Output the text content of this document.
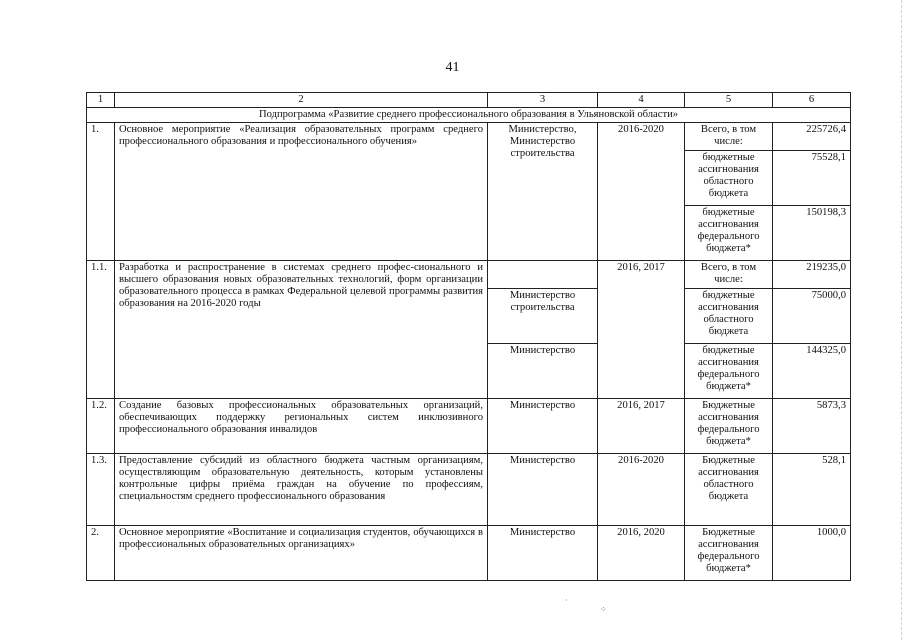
41
1	2	3	4	5	6
Подпрограмма «Развитие среднего профессионального образования в Ульяновской области»					
1.	Основное мероприятие «Реализация образовательных программ среднего профессионального образования и профессионального обучения»	Министерство, Министерство строительства	2016-2020	Всего, в том числе:	225726,4
				бюджетные ассигнования областного бюджета	75528,1
				бюджетные ассигнования федерального бюджета*	150198,3
1.1.	Разработка и распространение в системах среднего профес-сионального и высшего образования новых образовательных технологий, форм организации образовательного процесса в рамках Федеральной целевой программы развития образования на 2016-2020 годы		2016, 2017	Всего, в том числе:	219235,0
		Министерство строительства		бюджетные ассигнования областного бюджета	75000,0
		Министерство		бюджетные ассигнования федерального бюджета*	144325,0
1.2.	Создание базовых профессиональных образовательных организаций, обеспечивающих поддержку региональных систем инклюзивного профессионального образования инвалидов	Министерство	2016, 2017	Бюджетные ассигнования федерального бюджета*	5873,3
1.3.	Предоставление субсидий из областного бюджета частным организациям, осуществляющим образовательную деятельность, которым установлены контрольные цифры приёма граждан на обучение по профессиям, специальностям среднего профессионального образования	Министерство	2016-2020	Бюджетные ассигнования областного бюджета	528,1
2.	Основное мероприятие «Воспитание и социализация студентов, обучающихся в профессиональных образовательных организациях»	Министерство	2016, 2020	Бюджетные ассигнования федерального бюджета*	1000,0
·
⁘
